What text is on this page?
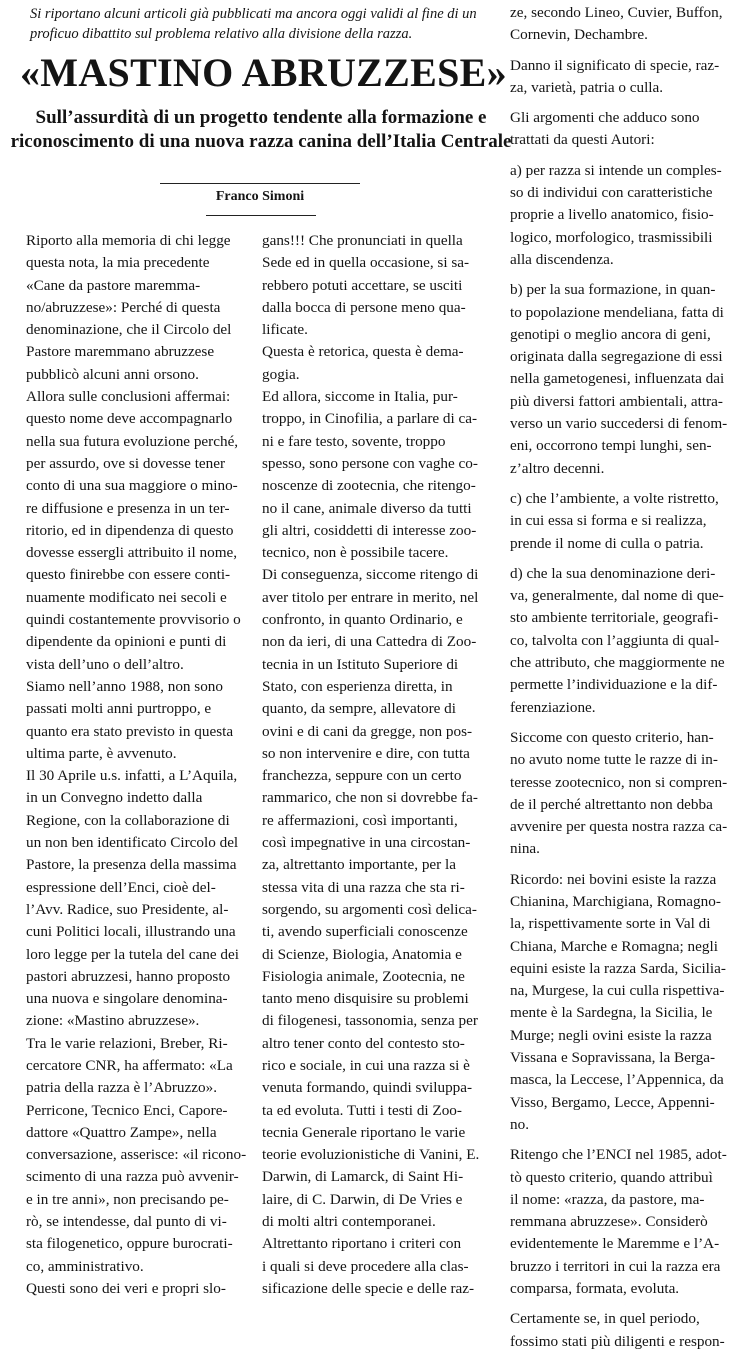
Si riportano alcuni articoli già pubblicati ma ancora oggi validi al fine di un proficuo dibattito sul problema relativo alla divisione della razza.
«MASTINO ABRUZZESE»
Sull’assurdità di un progetto tendente alla formazione e riconoscimento di una nuova razza canina dell’Italia Centrale
Franco Simoni

Riporto alla memoria di chi legge
questa nota, la mia precedente
«Cane da pastore maremma-
no/abruzzese»: Perché di questa
denominazione, che il Circolo del
Pastore maremmano abruzzese
pubblicò alcuni anni orsono.

Allora sulle conclusioni affermai:
questo nome deve accompagnarlo
nella sua futura evoluzione perché,
per assurdo, ove si dovesse tener
conto di una sua maggiore o mino-
re diffusione e presenza in un ter-
ritorio, ed in dipendenza di questo
dovesse essergli attribuito il nome,
questo finirebbe con essere conti-
nuamente modificato nei secoli e
quindi costantemente provvisorio o
dipendente da opinioni e punti di
vista dell’uno o dell’altro.

Siamo nell’anno 1988, non sono
passati molti anni purtroppo, e
quanto era stato previsto in questa
ultima parte, è avvenuto.

Il 30 Aprile u.s. infatti, a L’Aquila,
in un Convegno indetto dalla
Regione, con la collaborazione di
un non ben identificato Circolo del
Pastore, la presenza della massima
espressione dell’Enci, cioè del-
l’Avv. Radice, suo Presidente, al-
cuni Politici locali, illustrando una
loro legge per la tutela del cane dei
pastori abruzzesi, hanno proposto
una nuova e singolare denomina-
zione: «Mastino abruzzese».

Tra le varie relazioni, Breber, Ri-
cercatore CNR, ha affermato: «La
patria della razza è l’Abruzzo».

Perricone, Tecnico Enci, Capore-
dattore «Quattro Zampe», nella
conversazione, asserisce: «il ricono-
scimento di una razza può avvenir-
e in tre anni», non precisando pe-
rò, se intendesse, dal punto di vi-
sta filogenetico, oppure burocrati-
co, amministrativo.

Questi sono dei veri e propri slo-

gans!!! Che pronunciati in quella
Sede ed in quella occasione, si sa-
rebbero potuti accettare, se usciti
dalla bocca di persone meno qua-
lificate.

Questa è retorica, questa è dema-
gogia.

Ed allora, siccome in Italia, pur-
troppo, in Cinofilia, a parlare di ca-
ni e fare testo, sovente, troppo
spesso, sono persone con vaghe co-
noscenze di zootecnia, che ritengo-
no il cane, animale diverso da tutti
gli altri, cosiddetti di interesse zoo-
tecnico, non è possibile tacere.

Di conseguenza, siccome ritengo di
aver titolo per entrare in merito, nel
confronto, in quanto Ordinario, e
non da ieri, di una Cattedra di Zoo-
tecnia in un Istituto Superiore di
Stato, con esperienza diretta, in
quanto, da sempre, allevatore di
ovini e di cani da gregge, non pos-
so non intervenire e dire, con tutta
franchezza, seppure con un certo
rammarico, che non si dovrebbe fa-
re affermazioni, così importanti,
così impegnative in una circostan-
za, altrettanto importante, per la
stessa vita di una razza che sta ri-
sorgendo, su argomenti così delica-
ti, avendo superficiali conoscenze
di Scienze, Biologia, Anatomia e
Fisiologia animale, Zootecnia, ne
tanto meno disquisire su problemi
di filogenesi, tassonomia, senza per
altro tener conto del contesto sto-
rico e sociale, in cui una razza si è
venuta formando, quindi sviluppa-
ta ed evoluta. Tutti i testi di Zoo-
tecnia Generale riportano le varie
teorie evoluzionistiche di Vanini, E.
Darwin, di Lamarck, di Saint Hi-
laire, di C. Darwin, di De Vries e
di molti altri contemporanei.

Altrettanto riportano i criteri con
i quali si deve procedere alla clas-
sificazione delle specie e delle raz-

ze, secondo Lineo, Cuvier, Buffon,
Cornevin, Dechambre.

Danno il significato di specie, raz-
za, varietà, patria o culla.

Gli argomenti che adduco sono
trattati da questi Autori:

a) per razza si intende un comples-
so di individui con caratteristiche
proprie a livello anatomico, fisio-
logico, morfologico, trasmissibili
alla discendenza.

b) per la sua formazione, in quan-
to popolazione mendeliana, fatta di
genotipi o meglio ancora di geni,
originata dalla segregazione di essi
nella gametogenesi, influenzata dai
più diversi fattori ambientali, attra-
verso un vario succedersi di fenom-
eni, occorrono tempi lunghi, sen-
z’altro decenni.

c) che l’ambiente, a volte ristretto,
in cui essa si forma e si realizza,
prende il nome di culla o patria.

d) che la sua denominazione deri-
va, generalmente, dal nome di que-
sto ambiente territoriale, geografi-
co, talvolta con l’aggiunta di qual-
che attributo, che maggiormente ne
permette l’individuazione e la dif-
ferenziazione.

Siccome con questo criterio, han-
no avuto nome tutte le razze di in-
teresse zootecnico, non si compren-
de il perché altrettanto non debba
avvenire per questa nostra razza ca-
nina.

Ricordo: nei bovini esiste la razza
Chianina, Marchigiana, Romagno-
la, rispettivamente sorte in Val di
Chiana, Marche e Romagna; negli
equini esiste la razza Sarda, Sicilia-
na, Murgese, la cui culla rispettiva-
mente è la Sardegna, la Sicilia, le
Murge; negli ovini esiste la razza
Vissana e Sopravissana, la Berga-
masca, la Leccese, l’Appennica, da
Visso, Bergamo, Lecce, Appenni-
no.

Ritengo che l’ENCI nel 1985, adot-
tò questo criterio, quando attribuì
il nome: «razza, da pastore, ma-
remmana abruzzese». Considerò
evidentemente le Maremme e l’A-
bruzzo i territori in cui la razza era
comparsa, formata, evoluta.

Certamente se, in quel periodo,
fossimo stati più diligenti e respon-
